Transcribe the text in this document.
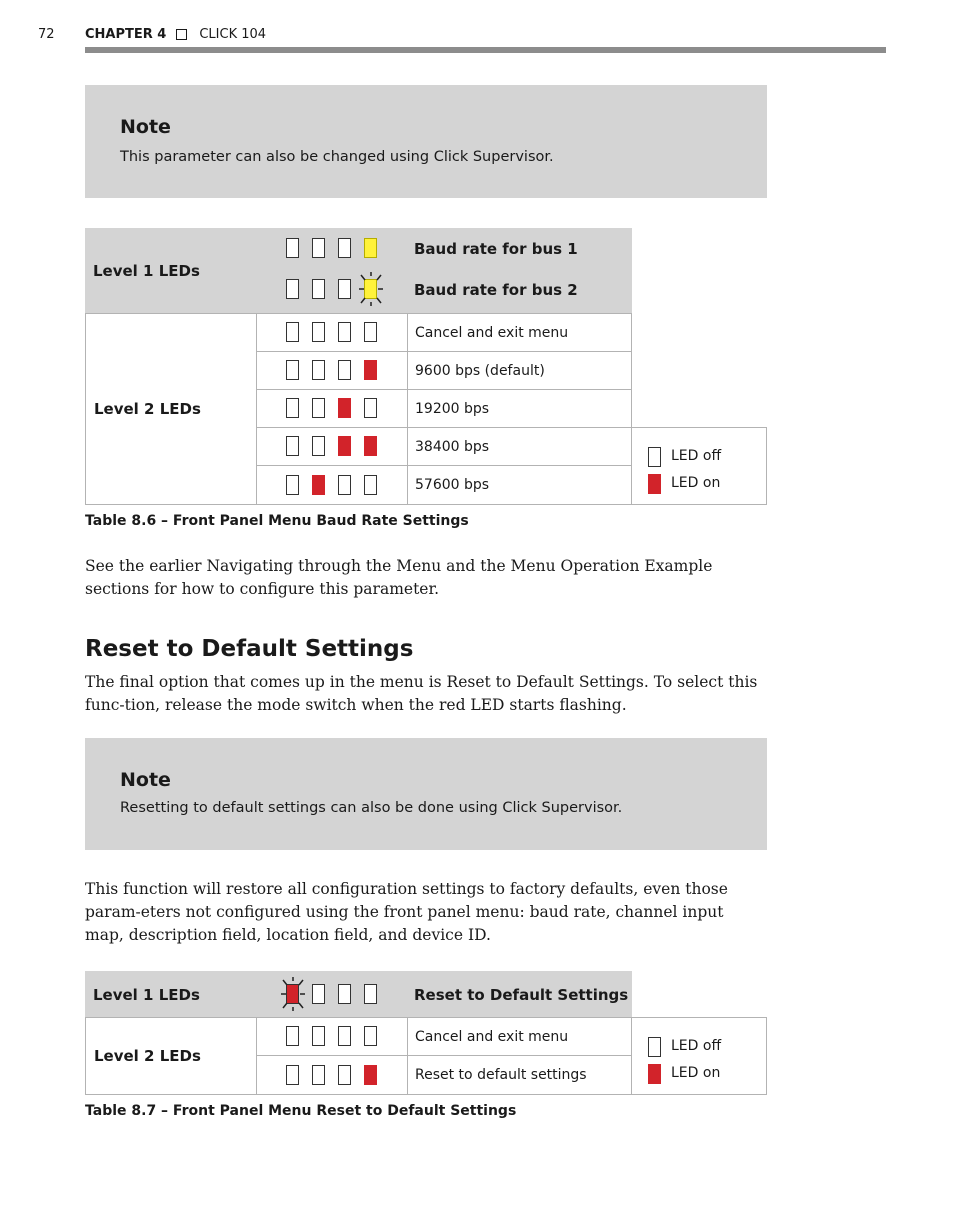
72 CHAPTER 4	CLICK 104
Note

This parameter can also be changed using Click Supervisor.

Level 1 LEDs
Baud rate for bus 1
Baud rate for bus 2
Level 2 LEDs
Cancel and exit menu
9600 bps (default)
19200 bps
38400 bps
57600 bps
LED off
LED on
Table 8.6 – Front Panel Menu Baud Rate Settings
See the earlier Navigating through the Menu and the Menu Operation Example sections for how to configure this parameter.
Reset to Default Settings
The final option that comes up in the menu is Reset to Default Settings. To select this func-tion, release the mode switch when the red LED starts flashing.
Note

Resetting to default settings can also be done using Click Supervisor.

This function will restore all configuration settings to factory defaults, even those param-eters not configured using the front panel menu: baud rate, channel input map, description field, location field, and device ID.
Level 1 LEDs	Reset to Default Settings
Level 2 LEDs
Cancel and exit menu
Reset to default settings
LED off
LED on
Table 8.7 – Front Panel Menu Reset to Default Settings
